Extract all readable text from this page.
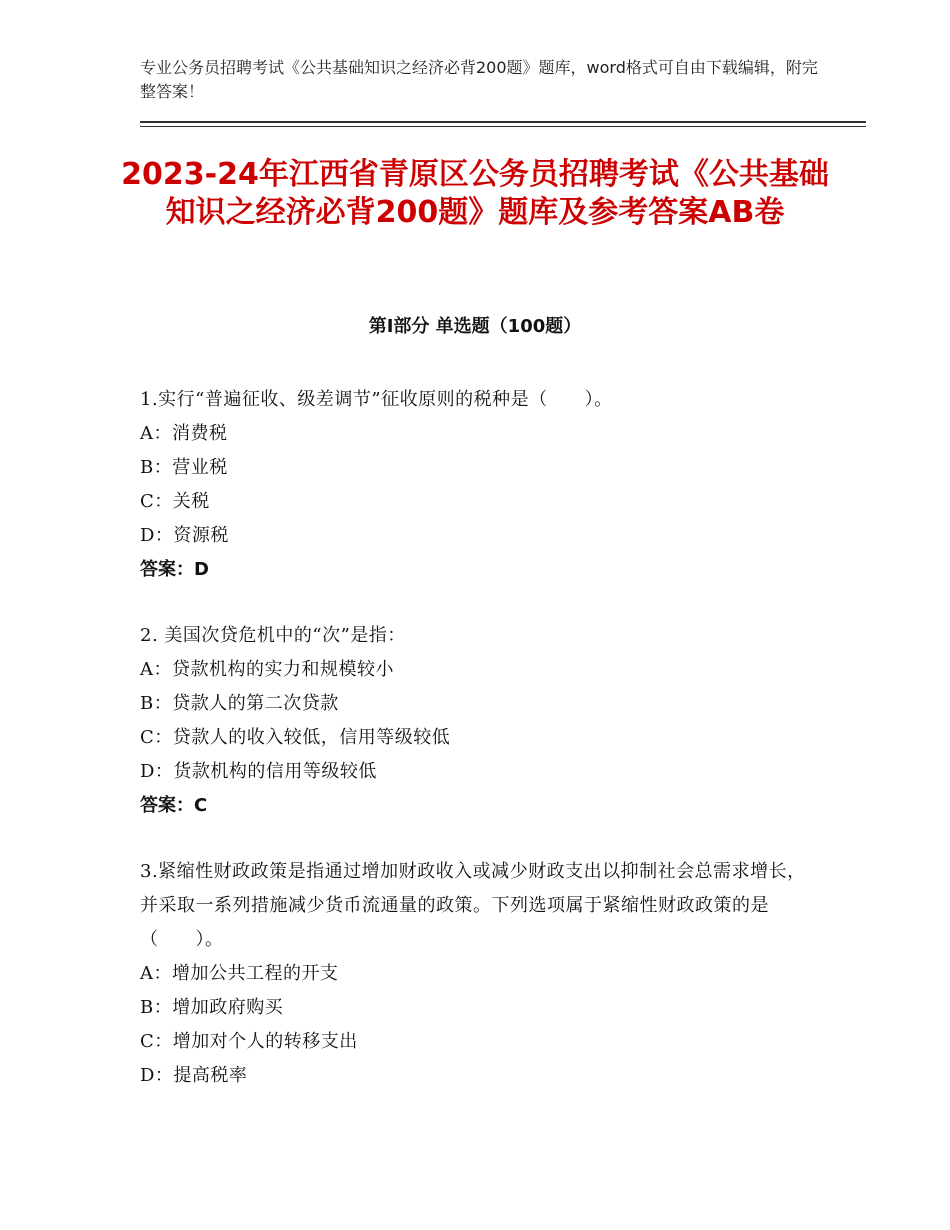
专业公务员招聘考试《公共基础知识之经济必背200题》题库，word格式可自由下载编辑，附完整答案！
2023-24年江西省青原区公务员招聘考试《公共基础知识之经济必背200题》题库及参考答案AB卷
第Ⅰ部分 单选题（100题）
1.实行“普遍征收、级差调节”征收原则的税种是（　　）。
A：消费税
B：营业税
C：关税
D：资源税
答案：D
2. 美国次贷危机中的“次”是指：
A：贷款机构的实力和规模较小
B：贷款人的第二次贷款
C：贷款人的收入较低，信用等级较低
D：货款机构的信用等级较低
答案：C
3.紧缩性财政政策是指通过增加财政收入或减少财政支出以抑制社会总需求增长，并采取一系列措施减少货币流通量的政策。下列选项属于紧缩性财政政策的是（　　）。
A：增加公共工程的开支
B：增加政府购买
C：增加对个人的转移支出
D：提高税率
